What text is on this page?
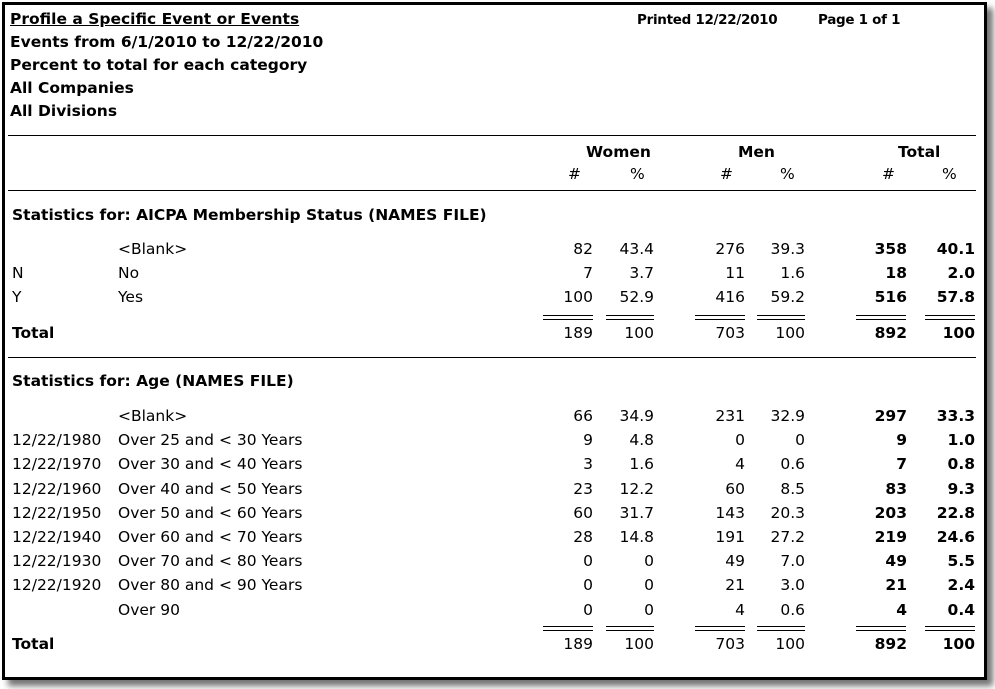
Profile a Specific Event or Events
Events from 6/1/2010 to 12/22/2010
Percent to total for each category
All Companies
All Divisions
Printed 12/22/2010	Page 1 of 1
Women	Men	Total
#	%	#	%	#	%
Statistics for: AICPA Membership Status (NAMES FILE)
<Blank>	82 43.4	276 39.3	358 40.1
N	No	7 3.7	11 1.6	18	2.0
Y	Yes	100 52.9	416 59.2	516 57.8
Total	189 100	703 100	892 100
Statistics for: Age (NAMES FILE)
<Blank>	66 34.9	231 32.9	297 33.3
12/22/1980 Over 25 and < 30 Years	9 4.8	0	0	9	1.0
12/22/1970 Over 30 and < 40 Years	3 1.6	4 0.6	7	0.8
12/22/1960 Over 40 and < 50 Years	23 12.2	60 8.5	83	9.3
12/22/1950 Over 50 and < 60 Years	60 31.7	143 20.3	203 22.8
12/22/1940 Over 60 and < 70 Years	28 14.8	191 27.2	219 24.6
12/22/1930 Over 70 and < 80 Years	0	0	49 7.0	49	5.5
12/22/1920 Over 80 and < 90 Years	0	0	21 3.0	21	2.4
Over 90	0	0	4 0.6	4	0.4
Total	189 100	703 100	892 100
